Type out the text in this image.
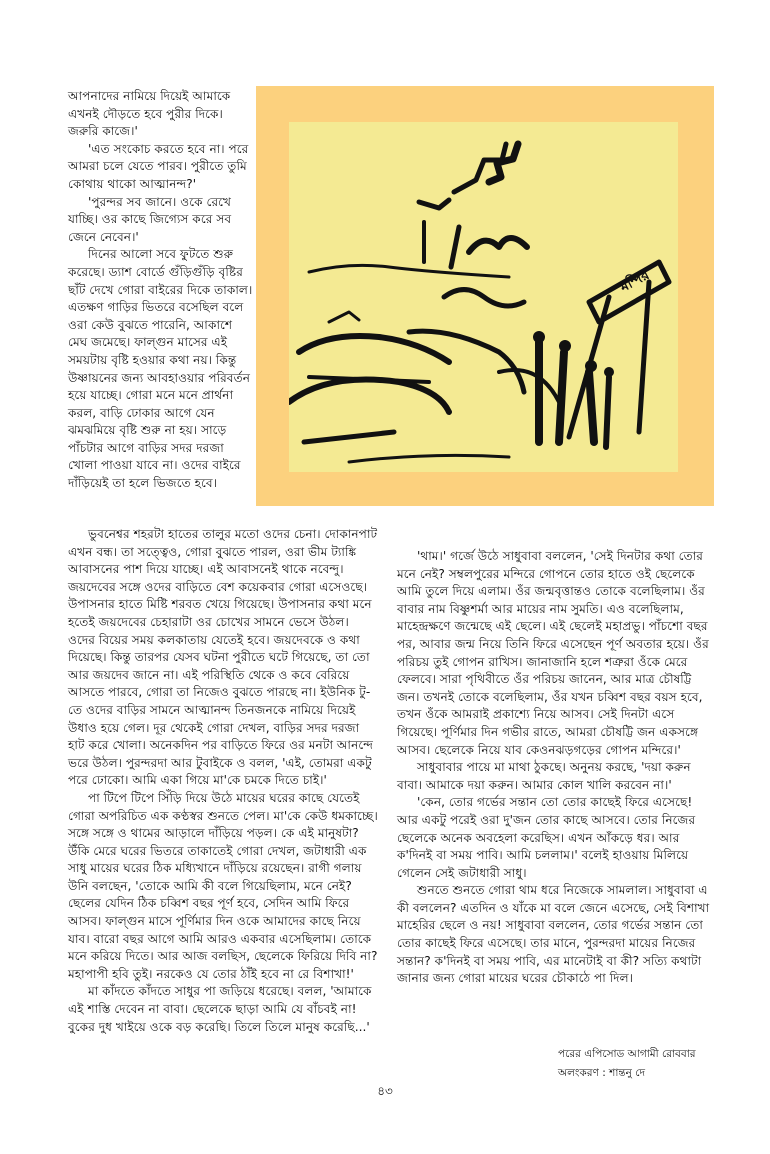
আপনাদের নামিয়ে দিয়েই আমাকে এখনই দৌড়তে হবে পুরীর দিকে। জরুরি কাজে।'

'এত সংকোচ করতে হবে না। পরে আমরা চলে যেতে পারব। পুরীতে তুমি কোথায় থাকো আত্মানন্দ?'

'পুরন্দর সব জানে। ওকে রেখে যাচ্ছি। ওর কাছে জিগ্যেস করে সব জেনে নেবেন।'

দিনের আলো সবে ফুটতে শুরু করেছে। ড্যাশ বোর্ডে গুঁড়িগুঁড়ি বৃষ্টির ছাঁট দেখে গোরা বাইরের দিকে তাকাল। এতক্ষণ গাড়ির ভিতরে বসেছিল বলে ওরা কেউ বুঝতে পারেনি, আকাশে মেঘ জমেছে। ফাল্গুন মাসের এই সময়টায় বৃষ্টি হওয়ার কথা নয়। কিন্তু উষ্ণায়নের জন্য আবহাওয়ার পরিবর্তন হয়ে যাচ্ছে। গোরা মনে মনে প্রার্থনা করল, বাড়ি ঢোকার আগে যেন ঝমঝমিয়ে বৃষ্টি শুরু না হয়। সাড়ে পাঁচটার আগে বাড়ির সদর দরজা খোলা পাওয়া যাবে না। ওদের বাইরে দাঁড়িয়েই তা হলে ভিজতে হবে।

মন্দির

ভুবনেশ্বর শহরটা হাতের তালুর মতো ওদের চেনা। দোকানপাট এখন বন্ধ। তা সত্ত্বেও, গোরা বুঝতে পারল, ওরা ভীম ট্যাঙ্কি আবাসনের পাশ দিয়ে যাচ্ছে। এই আবাসনেই থাকে নবেন্দু। জয়দেবের সঙ্গে ওদের বাড়িতে বেশ কয়েকবার গোরা এসেওছে। উপাসনার হাতে মিষ্টি শরবত খেয়ে গিয়েছে। উপাসনার কথা মনে হতেই জয়দেবের চেহারাটা ওর চোখের সামনে ভেসে উঠল। ওদের বিয়ের সময় কলকাতায় যেতেই হবে। জয়দেবকে ও কথা দিয়েছে। কিন্তু তারপর যেসব ঘটনা পুরীতে ঘটে গিয়েছে, তা তো আর জয়দেব জানে না। এই পরিস্থিতি থেকে ও কবে বেরিয়ে আসতে পারবে, গোরা তা নিজেও বুঝতে পারছে না। ইউনিক টু-তে ওদের বাড়ির সামনে আত্মানন্দ তিনজনকে নামিয়ে দিয়েই উধাও হয়ে গেল। দূর থেকেই গোরা দেখল, বাড়ির সদর দরজা হাট করে খোলা। অনেকদিন পর বাড়িতে ফিরে ওর মনটা আনন্দে ভরে উঠল। পুরন্দরদা আর টুবাইকে ও বলল, 'এই, তোমরা একটু পরে ঢোকো। আমি একা গিয়ে মা'কে চমকে দিতে চাই।'

পা টিপে টিপে সিঁড়ি দিয়ে উঠে মায়ের ঘরের কাছে যেতেই গোরা অপরিচিত এক কণ্ঠস্বর শুনতে পেল। মা'কে কেউ ধমকাচ্ছে। সঙ্গে সঙ্গে ও থামের আড়ালে দাঁড়িয়ে পড়ল। কে এই মানুষটা? উঁকি মেরে ঘরের ভিতরে তাকাতেই গোরা দেখল, জটাধারী এক সাধু মায়ের ঘরের ঠিক মধ্যিখানে দাঁড়িয়ে রয়েছেন। রাগী গলায় উনি বলছেন, 'তোকে আমি কী বলে গিয়েছিলাম, মনে নেই? ছেলের যেদিন ঠিক চব্বিশ বছর পূর্ণ হবে, সেদিন আমি ফিরে আসব। ফাল্গুন মাসে পূর্ণিমার দিন ওকে আমাদের কাছে নিয়ে যাব। বারো বছর আগে আমি আরও একবার এসেছিলাম। তোকে মনে করিয়ে দিতে। আর আজ বলছিস, ছেলেকে ফিরিয়ে দিবি না? মহাপাপী হবি তুই। নরকেও যে তোর ঠাঁই হবে না রে বিশাখা!'

মা কাঁদতে কাঁদতে সাধুর পা জড়িয়ে ধরেছে। বলল, 'আমাকে এই শাস্তি দেবেন না বাবা। ছেলেকে ছাড়া আমি যে বাঁচবই না! বুকের দুধ খাইয়ে ওকে বড় করেছি। তিলে তিলে মানুষ করেছি...'

'থাম।' গর্জে উঠে সাধুবাবা বললেন, 'সেই দিনটার কথা তোর মনে নেই? সম্বলপুরের মন্দিরে গোপনে তোর হাতে ওই ছেলেকে আমি তুলে দিয়ে এলাম। ওঁর জন্মবৃত্তান্তও তোকে বলেছিলাম। ওঁর বাবার নাম বিষ্ণুশর্মা আর মায়ের নাম সুমতি। এও বলেছিলাম, মাহেন্দ্রক্ষণে জন্মেছে এই ছেলে। এই ছেলেই মহাপ্রভু। পাঁচশো বছর পর, আবার জন্ম নিয়ে তিনি ফিরে এসেছেন পূর্ণ অবতার হয়ে। ওঁর পরিচয় তুই গোপন রাখিস। জানাজানি হলে শত্রুরা ওঁকে মেরে ফেলবে। সারা পৃথিবীতে ওঁর পরিচয় জানেন, আর মাত্র চৌষট্টি জন। তখনই তোকে বলেছিলাম, ওঁর যখন চব্বিশ বছর বয়স হবে, তখন ওঁকে আমরাই প্রকাশ্যে নিয়ে আসব। সেই দিনটা এসে গিয়েছে। পূর্ণিমার দিন গভীর রাতে, আমরা চৌষট্টি জন একসঙ্গে আসব। ছেলেকে নিয়ে যাব কেওনঝড়গড়ের গোপন মন্দিরে।'

সাধুবাবার পায়ে মা মাথা ঠুকছে। অনুনয় করছে, 'দয়া করুন বাবা। আমাকে দয়া করুন। আমার কোল খালি করবেন না।'

'কেন, তোর গর্ভের সন্তান তো তোর কাছেই ফিরে এসেছে! আর একটু পরেই ওরা দু'জন তোর কাছে আসবে। তোর নিজের ছেলেকে অনেক অবহেলা করেছিস। এখন আঁকড়ে ধর। আর ক'দিনই বা সময় পাবি। আমি চললাম।' বলেই হাওয়ায় মিলিয়ে গেলেন সেই জটাধারী সাধু।

শুনতে শুনতে গোরা থাম ধরে নিজেকে সামলাল। সাধুবাবা এ কী বললেন? এতদিন ও যাঁকে মা বলে জেনে এসেছে, সেই বিশাখা মাহেরির ছেলে ও নয়! সাধুবাবা বললেন, তোর গর্ভের সন্তান তো তোর কাছেই ফিরে এসেছে। তার মানে, পুরন্দরদা মায়ের নিজের সন্তান? ক'দিনই বা সময় পাবি, এর মানেটাই বা কী? সত্যি কথাটা জানার জন্য গোরা মায়ের ঘরের চৌকাঠে পা দিল।

পরের এপিসোড আগামী রোববার
অলংকরণ : শান্তনু দে
৪৩
